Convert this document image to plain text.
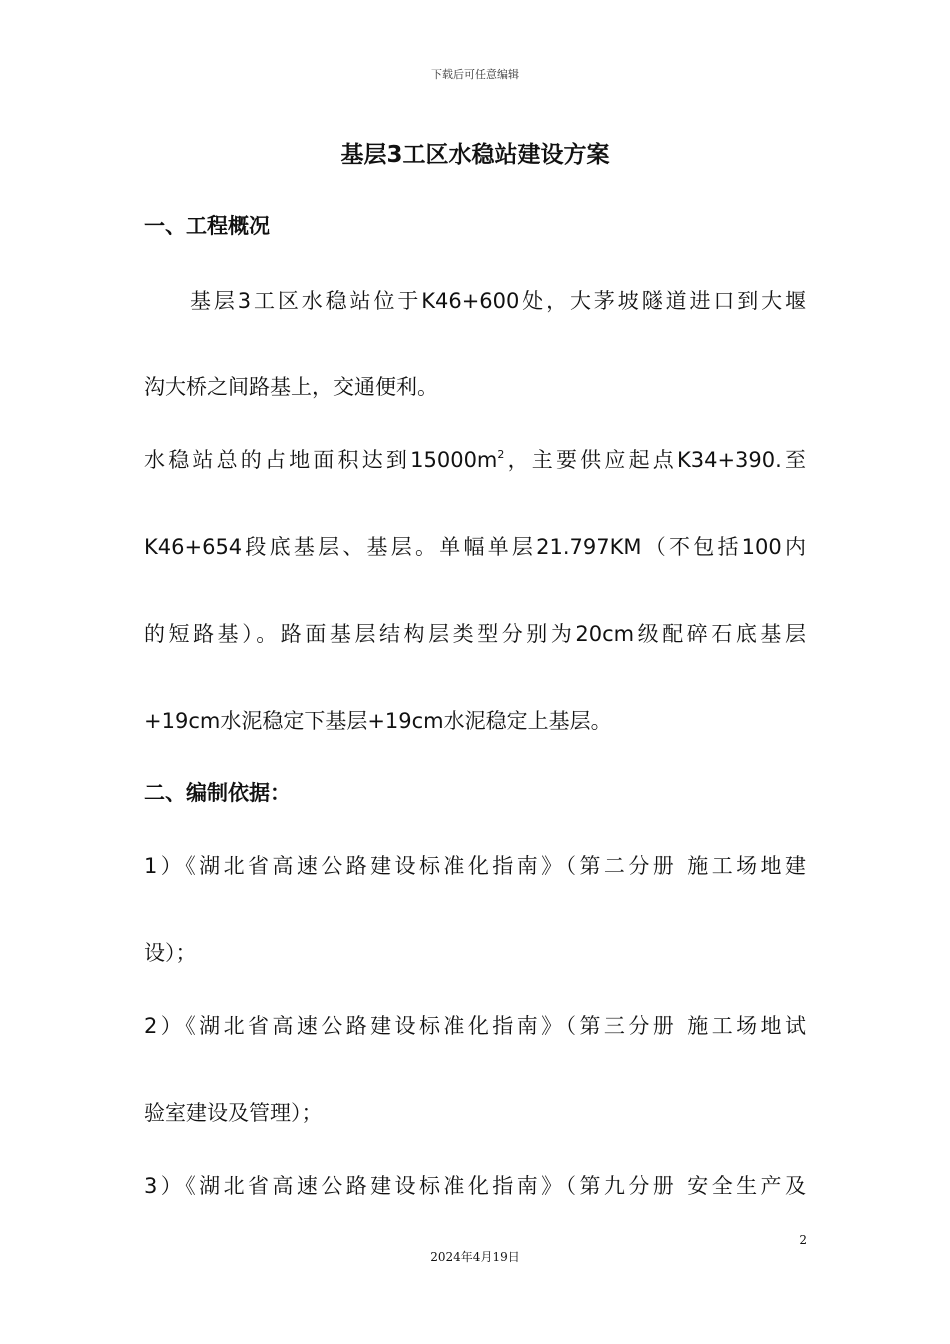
下载后可任意编辑
基层3工区水稳站建设方案
一、工程概况
基层3工区水稳站位于K46+600处，大茅坡隧道进口到大堰
沟大桥之间路基上，交通便利。
水稳站总的占地面积达到$15000m^2$，主要供应起点K34+390.至
K46+654段底基层、基层。单幅单层21.797KM（不包括100内
的短路基）。路面基层结构层类型分别为20cm级配碎石底基层
+19cm水泥稳定下基层+19cm水泥稳定上基层。
二、编制依据：
1）《湖北省高速公路建设标准化指南》（第二分册 施工场地建
设）；
2）《湖北省高速公路建设标准化指南》（第三分册 施工场地试
验室建设及管理）；
3）《湖北省高速公路建设标准化指南》（第九分册 安全生产及
2
2024年4月19日
